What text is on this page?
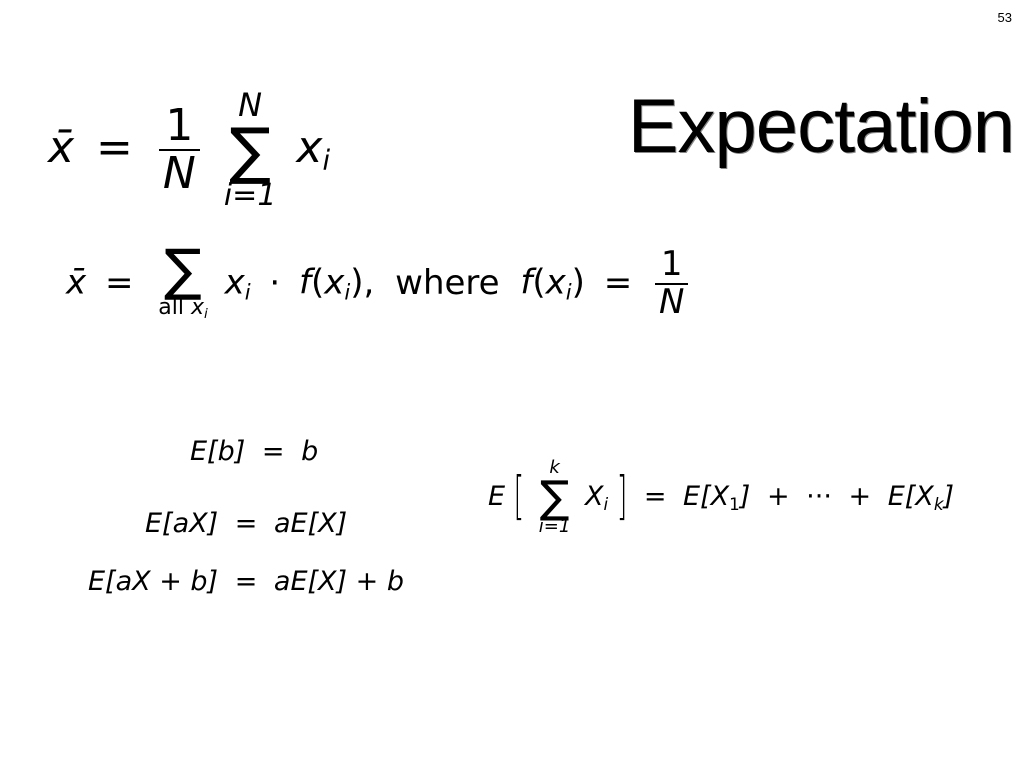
53
Expectation
x̄ = $\frac{1}{N}$
N
∑
i=1
$x_i$
x̄ = ∑
all $x_i$
$x_i \cdot f(x_i)$, where $f(x_i) = \frac{1}{N}$
E[b] = b
E[aX] = aE[X]
E[aX + b] = aE[X] + b
E [
k
∑
i=1
$X_i$ ] = $E[X_1]$ + ··· + $E[X_k]$
